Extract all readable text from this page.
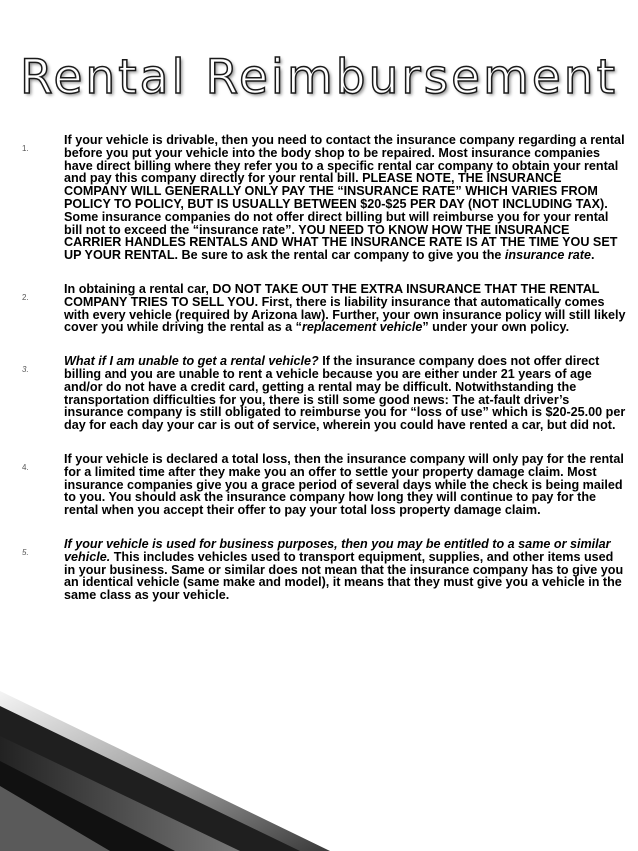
Rental Reimbursement
1.
If your vehicle is drivable, then you need to contact the insurance company regarding a rental before you put your vehicle into the body shop to be repaired. Most insurance companies have direct billing where they refer you to a specific rental car company to obtain your rental and pay this company directly for your rental bill. PLEASE NOTE, THE INSURANCE COMPANY WILL GENERALLY ONLY PAY THE “INSURANCE RATE” WHICH VARIES FROM POLICY TO POLICY, BUT IS USUALLY BETWEEN $20-$25 PER DAY (NOT INCLUDING TAX). Some insurance companies do not offer direct billing but will reimburse you for your rental bill not to exceed the “insurance rate”. YOU NEED TO KNOW HOW THE INSURANCE CARRIER HANDLES RENTALS AND WHAT THE INSURANCE RATE IS AT THE TIME YOU SET UP YOUR RENTAL. Be sure to ask the rental car company to give you the insurance rate.
2.
In obtaining a rental car, DO NOT TAKE OUT THE EXTRA INSURANCE THAT THE RENTAL COMPANY TRIES TO SELL YOU. First, there is liability insurance that automatically comes with every vehicle (required by Arizona law). Further, your own insurance policy will still likely cover you while driving the rental as a “replacement vehicle” under your own policy.
3.
What if I am unable to get a rental vehicle? If the insurance company does not offer direct billing and you are unable to rent a vehicle because you are either under 21 years of age and/or do not have a credit card, getting a rental may be difficult. Notwithstanding the transportation difficulties for you, there is still some good news: The at-fault driver’s insurance company is still obligated to reimburse you for “loss of use” which is $20-25.00 per day for each day your car is out of service, wherein you could have rented a car, but did not.
4.
If your vehicle is declared a total loss, then the insurance company will only pay for the rental for a limited time after they make you an offer to settle your property damage claim. Most insurance companies give you a grace period of several days while the check is being mailed to you. You should ask the insurance company how long they will continue to pay for the rental when you accept their offer to pay your total loss property damage claim.
5.
If your vehicle is used for business purposes, then you may be entitled to a same or similar vehicle. This includes vehicles used to transport equipment, supplies, and other items used in your business. Same or similar does not mean that the insurance company has to give you an identical vehicle (same make and model), it means that they must give you a vehicle in the same class as your vehicle.
